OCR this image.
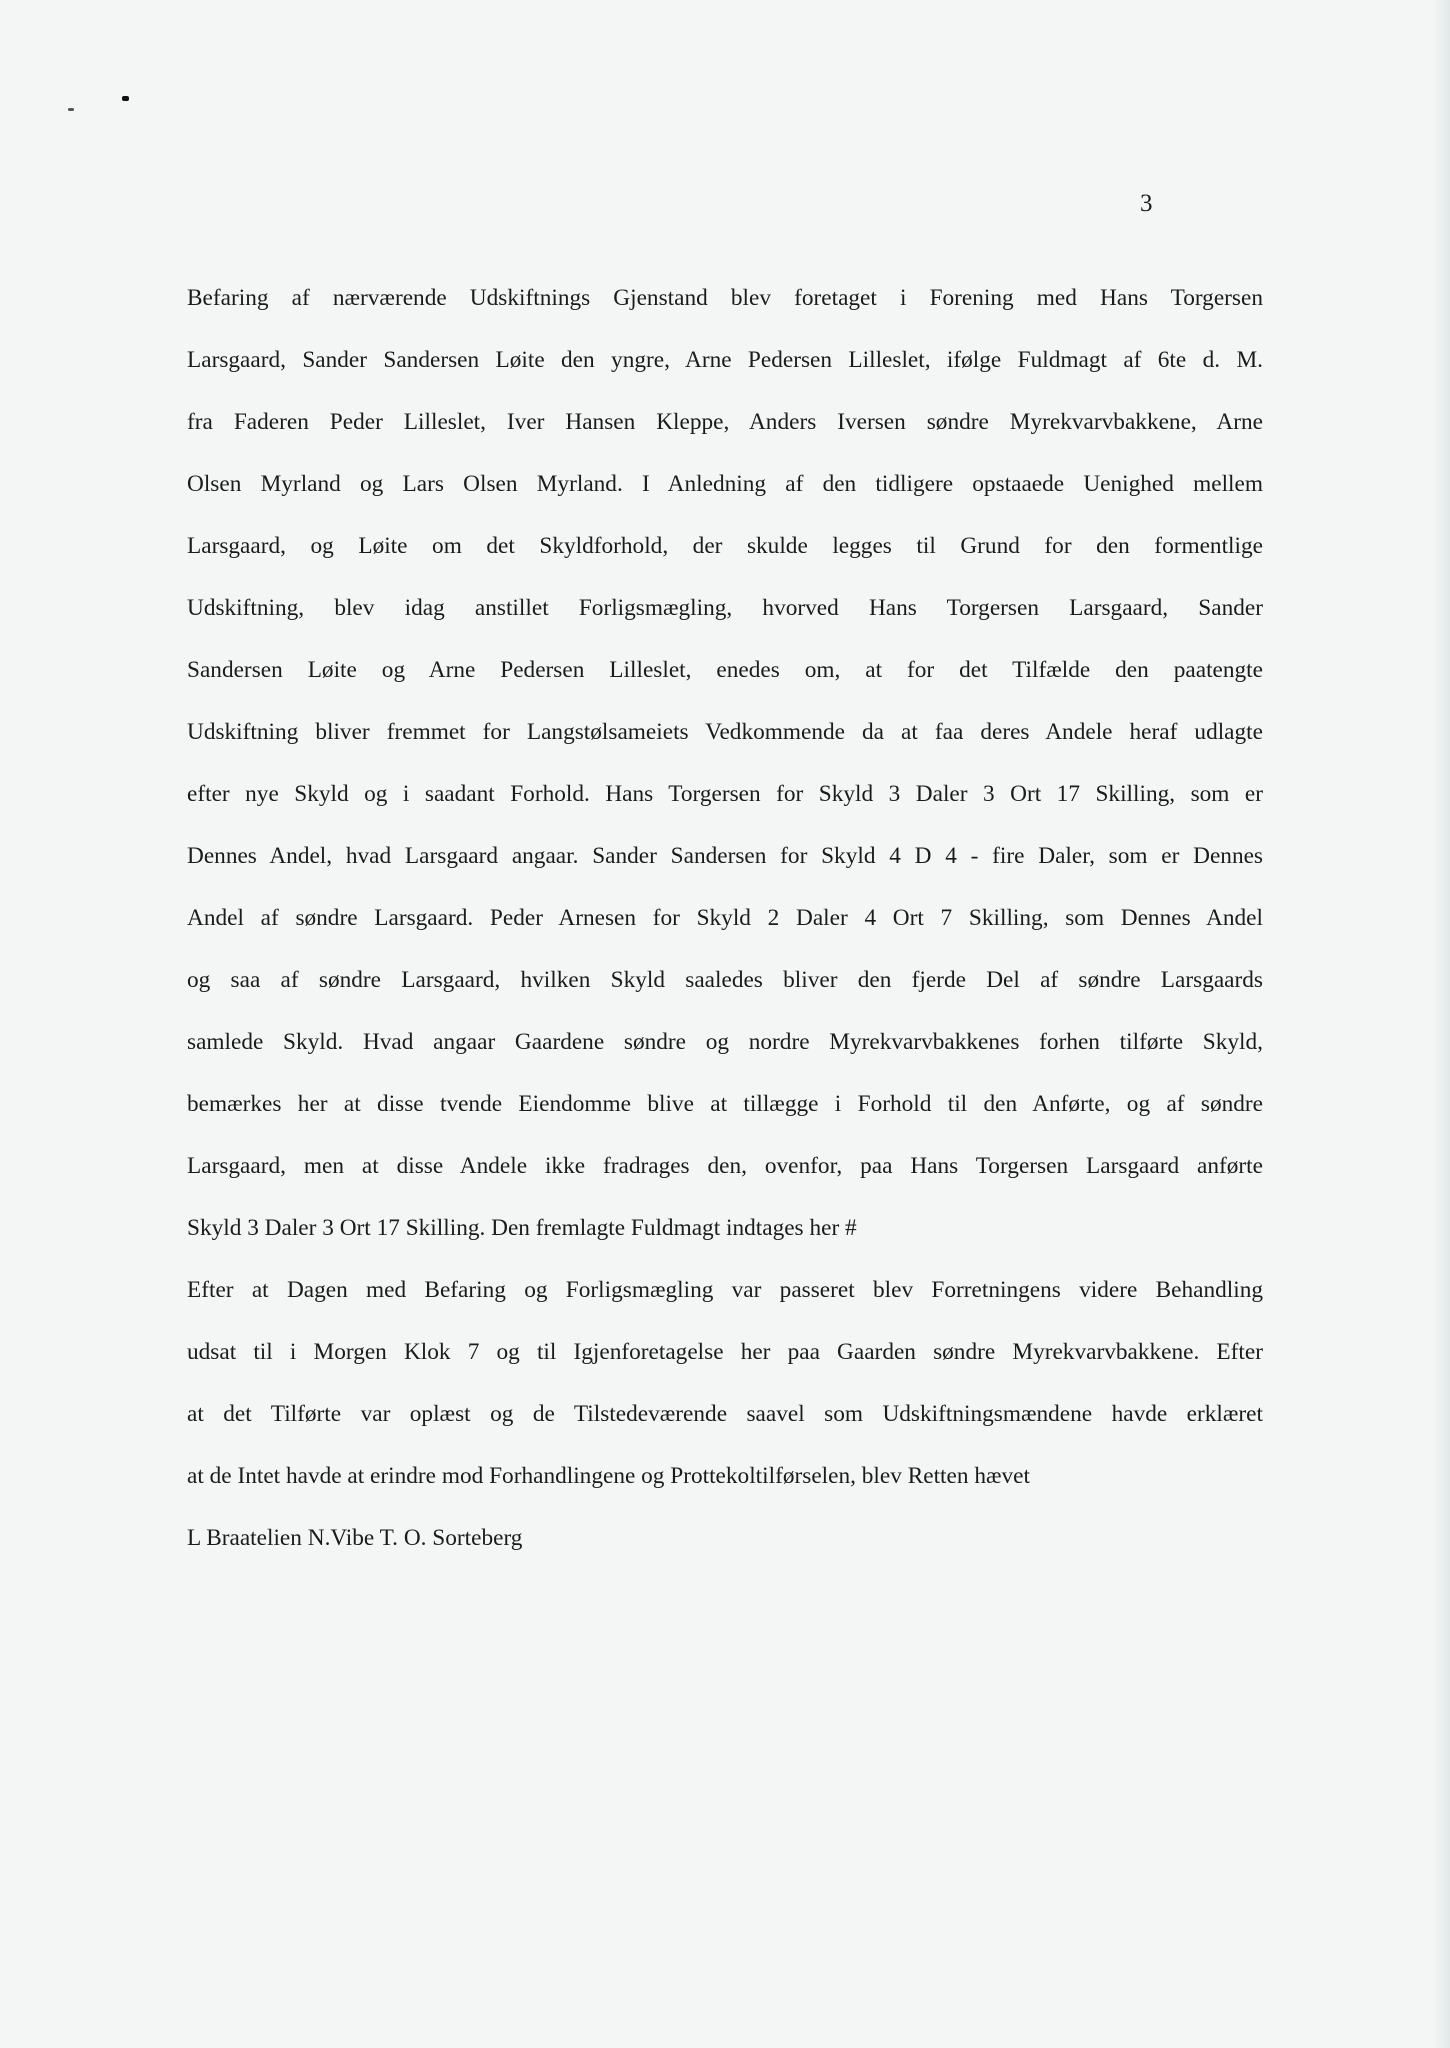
3
Befaring af nærværende Udskiftnings Gjenstand blev foretaget i Forening med Hans Torgersen
Larsgaard, Sander Sandersen Løite den yngre, Arne Pedersen Lilleslet, ifølge Fuldmagt af 6te d. M.
fra Faderen Peder Lilleslet, Iver Hansen Kleppe, Anders Iversen søndre Myrekvarvbakkene, Arne
Olsen Myrland og Lars Olsen Myrland. I Anledning af den tidligere opstaaede Uenighed mellem
Larsgaard, og Løite om det Skyldforhold, der skulde legges til Grund for den formentlige
Udskiftning, blev idag anstillet Forligsmægling, hvorved Hans Torgersen Larsgaard, Sander
Sandersen Løite og Arne Pedersen Lilleslet, enedes om, at for det Tilfælde den paatengte
Udskiftning bliver fremmet for Langstølsameiets Vedkommende da at faa deres Andele heraf udlagte
efter nye Skyld og i saadant Forhold. Hans Torgersen for Skyld 3 Daler 3 Ort 17 Skilling, som er
Dennes Andel, hvad Larsgaard angaar. Sander Sandersen for Skyld 4 D 4 - fire Daler, som er Dennes
Andel af søndre Larsgaard. Peder Arnesen for Skyld 2 Daler 4 Ort 7 Skilling, som Dennes Andel
og saa af søndre Larsgaard, hvilken Skyld saaledes bliver den fjerde Del af søndre Larsgaards
samlede Skyld. Hvad angaar Gaardene søndre og nordre Myrekvarvbakkenes forhen tilførte Skyld,
bemærkes her at disse tvende Eiendomme blive at tillægge i Forhold til den Anførte, og af søndre
Larsgaard, men at disse Andele ikke fradrages den, ovenfor, paa Hans Torgersen Larsgaard anførte
Skyld 3 Daler 3 Ort 17 Skilling. Den fremlagte Fuldmagt indtages her #
Efter at Dagen med Befaring og Forligsmægling var passeret blev Forretningens videre Behandling
udsat til i Morgen Klok 7 og til Igjenforetagelse her paa Gaarden søndre Myrekvarvbakkene. Efter
at det Tilførte var oplæst og de Tilstedeværende saavel som Udskiftningsmændene havde erklæret
at de Intet havde at erindre mod Forhandlingene og Prottekoltilførselen, blev Retten hævet
L Braatelien N.Vibe T. O. Sorteberg
